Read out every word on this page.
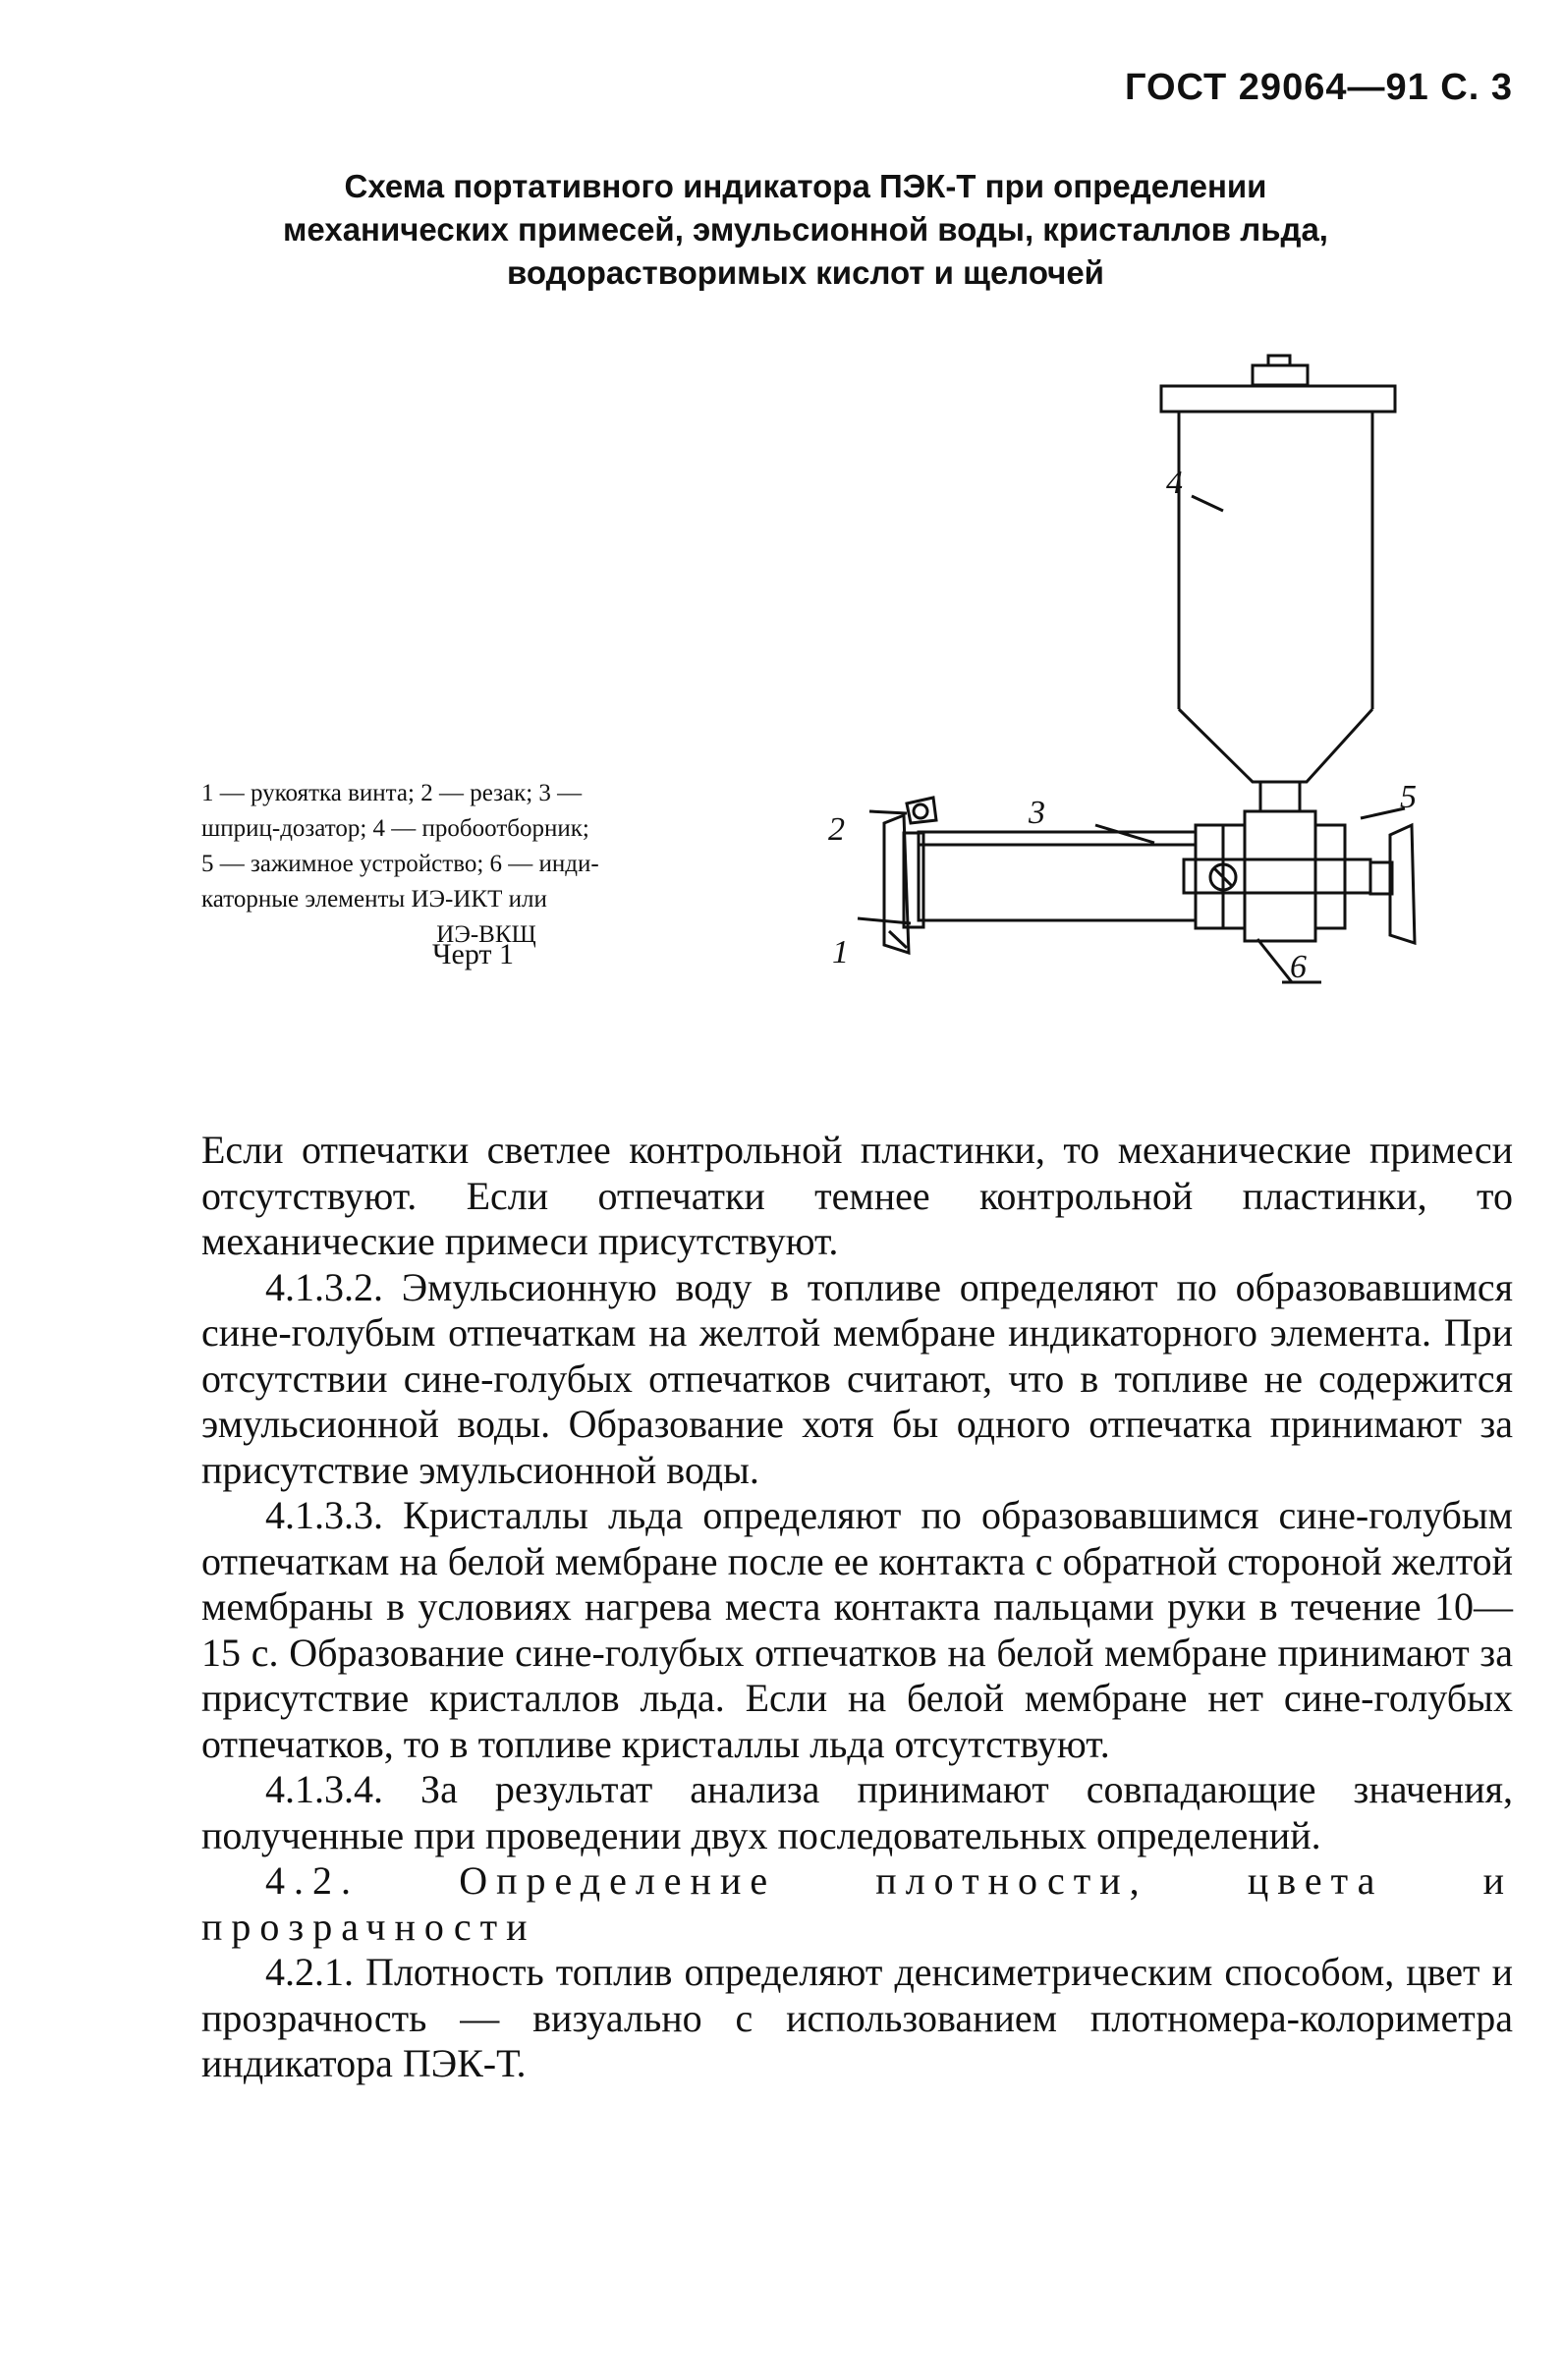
ГОСТ 29064—91 С. 3
Схема портативного индикатора ПЭК-Т при определении
механических примесей, эмульсионной воды, кристаллов льда,
водорастворимых кислот и щелочей
4
5
3
2
1	6
1 — рукоятка винта; 2 — резак; 3 —
шприц-дозатор; 4 — пробоотборник;
5 — зажимное устройство; 6 — инди-
каторные элементы ИЭ-ИКТ или
ИЭ-ВКЩ
Черт 1

Если отпечатки светлее контрольной пластинки, то механические примеси отсутствуют. Если отпечатки темнее контрольной пластинки, то механические примеси присутствуют.

4.1.3.2. Эмульсионную воду в топливе определяют по образовавшимся сине-голубым отпечаткам на желтой мембране индикаторного элемента. При отсутствии сине-голубых отпечатков считают, что в топливе не содержится эмульсионной воды. Образование хотя бы одного отпечатка принимают за присутствие эмульсионной воды.

4.1.3.3. Кристаллы льда определяют по образовавшимся сине-голубым отпечаткам на белой мембране после ее контакта с обратной стороной желтой мембраны в условиях нагрева места контакта пальцами руки в течение 10—15 с. Образование сине-голубых отпечатков на белой мембране принимают за присутствие кристаллов льда. Если на белой мембране нет сине-голубых отпечатков, то в топливе кристаллы льда отсутствуют.

4.1.3.4. За результат анализа принимают совпадающие значения, полученные при проведении двух последовательных определений.

4.2. Определение плотности, цвета и прозрачности

4.2.1. Плотность топлив определяют денсиметрическим способом, цвет и прозрачность — визуально с использованием плотномера-колориметра индикатора ПЭК-Т.
